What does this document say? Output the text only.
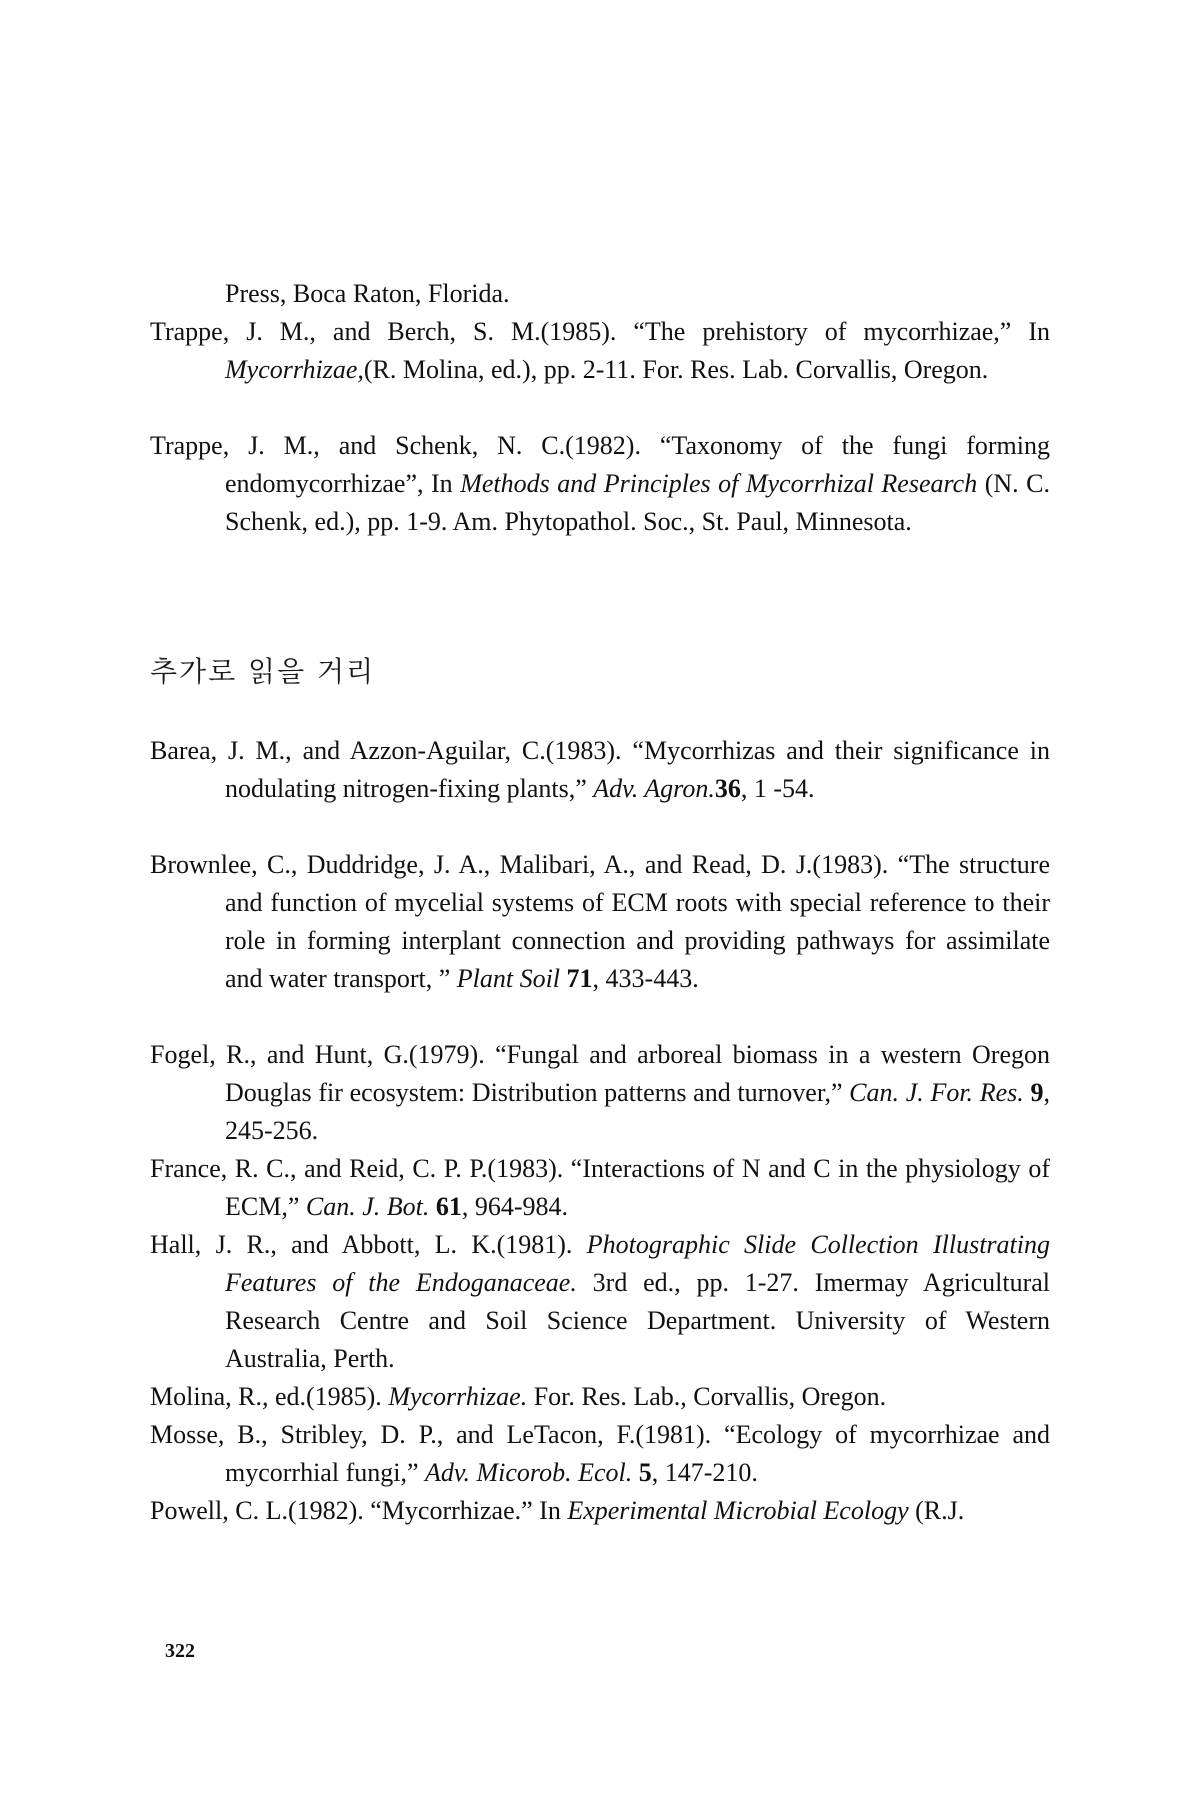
Press, Boca Raton, Florida.
Trappe, J. M., and Berch, S. M.(1985). “The prehistory of mycorrhizae,” In Mycorrhizae,(R. Molina, ed.), pp. 2-11. For. Res. Lab. Corvallis, Oregon.
Trappe, J. M., and Schenk, N. C.(1982). “Taxonomy of the fungi forming endomycorrhizae”, In Methods and Principles of Mycorrhizal Research (N. C. Schenk, ed.), pp. 1-9. Am. Phytopathol. Soc., St. Paul, Minnesota.
추가로 읽을 거리
Barea, J. M., and Azzon-Aguilar, C.(1983). “Mycorrhizas and their significance in nodulating nitrogen-fixing plants,” Adv. Agron.36, 1 -54.
Brownlee, C., Duddridge, J. A., Malibari, A., and Read, D. J.(1983). “The structure and function of mycelial systems of ECM roots with special reference to their role in forming interplant connection and providing pathways for assimilate and water transport, ” Plant Soil 71, 433-443.
Fogel, R., and Hunt, G.(1979). “Fungal and arboreal biomass in a western Oregon Douglas fir ecosystem: Distribution patterns and turnover,” Can. J. For. Res. 9, 245-256.
France, R. C., and Reid, C. P. P.(1983). “Interactions of N and C in the physiology of ECM,” Can. J. Bot. 61, 964-984.
Hall, J. R., and Abbott, L. K.(1981). Photographic Slide Collection Illustrating Features of the Endoganaceae. 3rd ed., pp. 1-27. Imermay Agricultural Research Centre and Soil Science Department. University of Western Australia, Perth.
Molina, R., ed.(1985). Mycorrhizae. For. Res. Lab., Corvallis, Oregon.
Mosse, B., Stribley, D. P., and LeTacon, F.(1981). “Ecology of mycorrhizae and mycorrhial fungi,” Adv. Micorob. Ecol. 5, 147-210.
Powell, C. L.(1982). “Mycorrhizae.” In Experimental Microbial Ecology (R.J.
322
